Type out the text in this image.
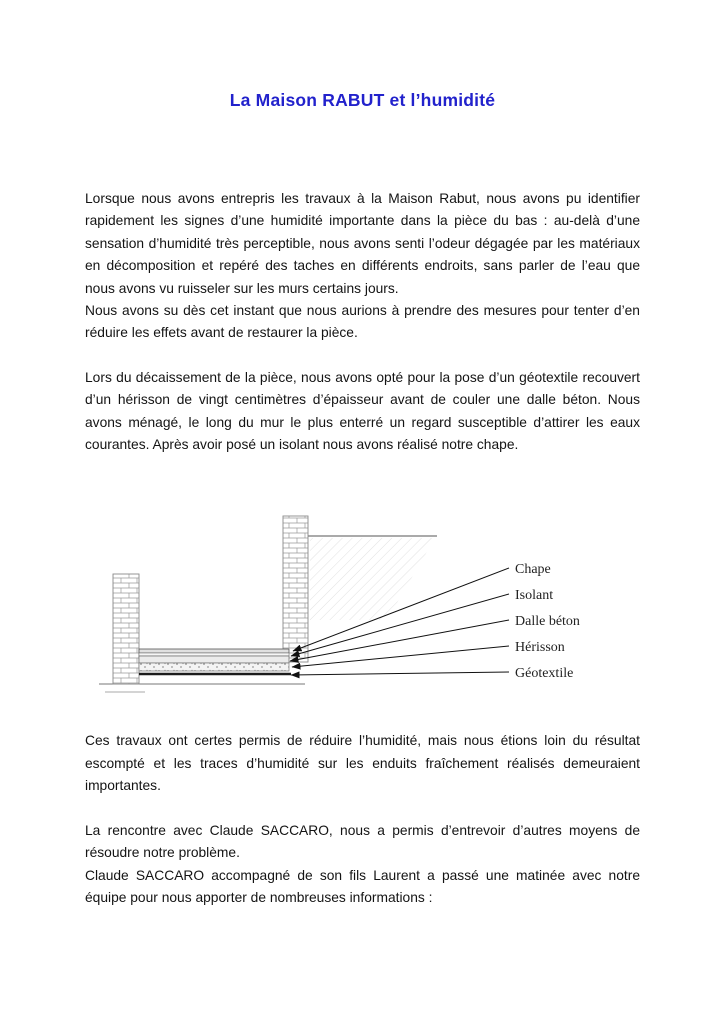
La Maison RABUT et l’humidité

Lorsque nous avons entrepris les travaux à la Maison Rabut, nous avons pu identifier rapidement les signes d’une humidité importante dans la pièce du bas : au-delà d’une sensation d’humidité très perceptible, nous avons senti l’odeur dégagée par les matériaux en décomposition et repéré des taches en différents endroits, sans parler de l’eau que nous avons vu ruisseler sur les murs certains jours.

Nous avons su dès cet instant que nous aurions à prendre des mesures pour tenter d’en réduire les effets avant de restaurer la pièce.

Lors du décaissement de la pièce, nous avons opté pour la pose d’un géotextile recouvert d’un hérisson de vingt centimètres d’épaisseur avant de couler une dalle béton. Nous avons ménagé, le long du mur le plus enterré un regard susceptible d’attirer les eaux courantes. Après avoir posé un isolant nous avons réalisé notre chape.

Chape
Isolant
Dalle béton
Hérisson
Géotextile

Ces travaux ont certes permis de réduire l’humidité, mais nous étions loin du résultat escompté et les traces d’humidité sur les enduits fraîchement réalisés demeuraient importantes.

La rencontre avec Claude SACCARO, nous a permis d’entrevoir d’autres moyens de résoudre notre problème.

Claude SACCARO accompagné de son fils Laurent a passé une matinée avec notre équipe pour nous apporter de nombreuses informations :
